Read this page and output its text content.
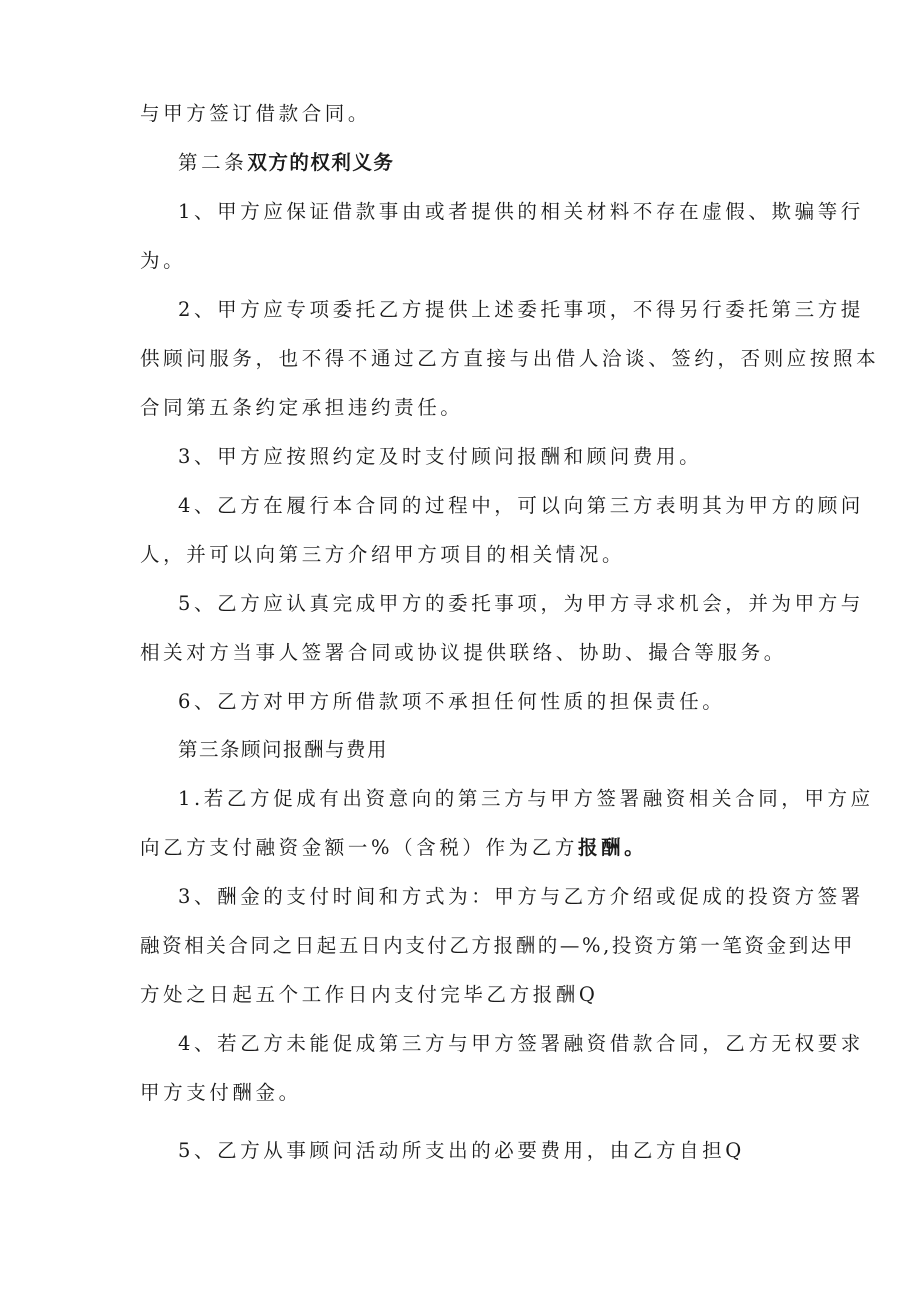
与甲方签订借款合同。
第二条双方的权利义务
1、甲方应保证借款事由或者提供的相关材料不存在虚假、欺骗等行
为。
2、甲方应专项委托乙方提供上述委托事项，不得另行委托第三方提
供顾问服务，也不得不通过乙方直接与出借人洽谈、签约，否则应按照本
合同第五条约定承担违约责任。
3、甲方应按照约定及时支付顾问报酬和顾问费用。
4、乙方在履行本合同的过程中，可以向第三方表明其为甲方的顾问
人，并可以向第三方介绍甲方项目的相关情况。
5、乙方应认真完成甲方的委托事项，为甲方寻求机会，并为甲方与
相关对方当事人签署合同或协议提供联络、协助、撮合等服务。
6、乙方对甲方所借款项不承担任何性质的担保责任。
第三条顾问报酬与费用
1.若乙方促成有出资意向的第三方与甲方签署融资相关合同，甲方应
向乙方支付融资金额一%（含税）作为乙方报酬。
3、酬金的支付时间和方式为：甲方与乙方介绍或促成的投资方签署
融资相关合同之日起五日内支付乙方报酬的—%,投资方第一笔资金到达甲
方处之日起五个工作日内支付完毕乙方报酬Q
4、若乙方未能促成第三方与甲方签署融资借款合同，乙方无权要求
甲方支付酬金。
5、乙方从事顾问活动所支出的必要费用，由乙方自担Q
